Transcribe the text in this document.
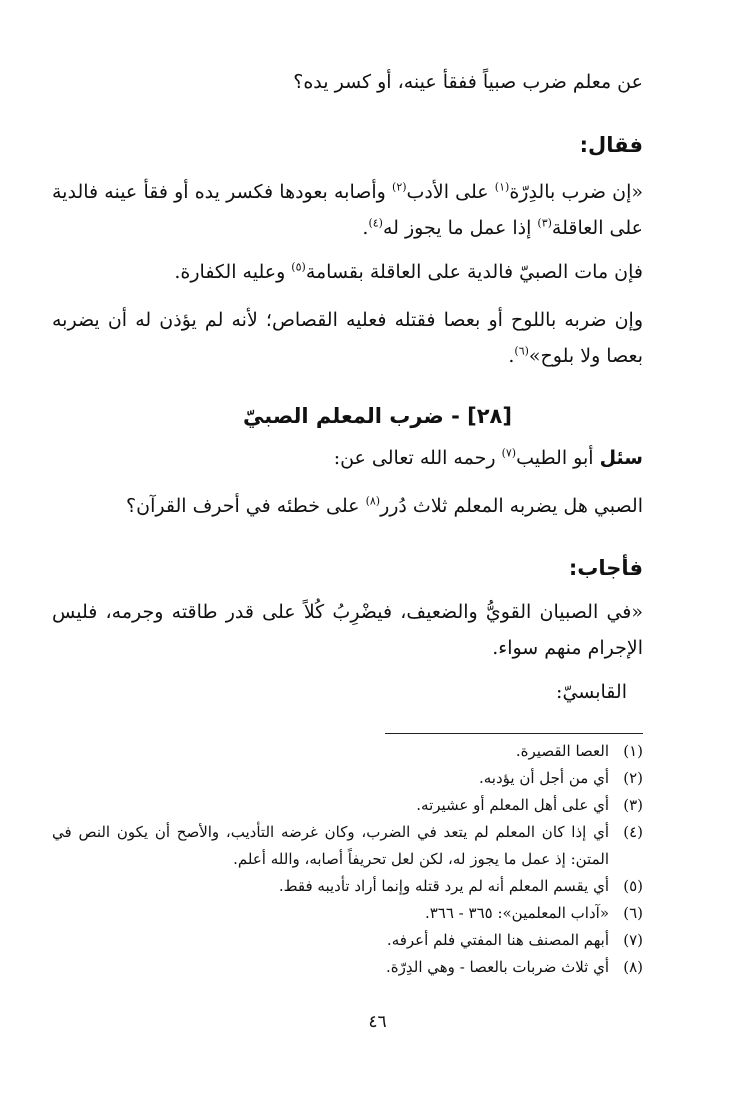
عن معلم ضرب صبياً ففقأ عينه، أو كسر يده؟
فقال:
«إن ضرب بالدِرّة$^{(١)}$ على الأدب$^{(٢)}$ وأصابه بعودها فكسر يده أو فقأ عينه فالدية على العاقلة$^{(٣)}$ إذا عمل ما يجوز له$^{(٤)}$.
فإن مات الصبيّ فالدية على العاقلة بقسامة$^{(٥)}$ وعليه الكفارة.
وإن ضربه باللوح أو بعصا فقتله فعليه القصاص؛ لأنه لم يؤذن له أن يضربه بعصا ولا بلوح»$^{(٦)}$.
[٢٨] - ضرب المعلم الصبيّ
سئل أبو الطيب$^{(٧)}$ رحمه الله تعالى عن:
الصبي هل يضربه المعلم ثلاث دُرر$^{(٨)}$ على خطئه في أحرف القرآن؟
فأجاب:
«في الصبيان القويُّ والضعيف، فيضْرِبُ كُلاً على قدر طاقته وجرمه، فليس الإجرام منهم سواء.
القابسيّ:
(١)
العصا القصيرة.
(٢)
أي من أجل أن يؤدبه.
(٣)
أي على أهل المعلم أو عشيرته.
(٤)
أي إذا كان المعلم لم يتعد في الضرب، وكان غرضه التأديب، والأصح أن يكون النص في المتن: إذ عمل ما يجوز له، لكن لعل تحريفاً أصابه، والله أعلم.
(٥)
أي يقسم المعلم أنه لم يرد قتله وإنما أراد تأديبه فقط.
(٦)
«آداب المعلمين»: ٣٦٥ - ٣٦٦.
(٧)
أبهم المصنف هنا المفتي فلم أعرفه.
(٨)
أي ثلاث ضربات بالعصا - وهي الدِرّة.
٤٦
